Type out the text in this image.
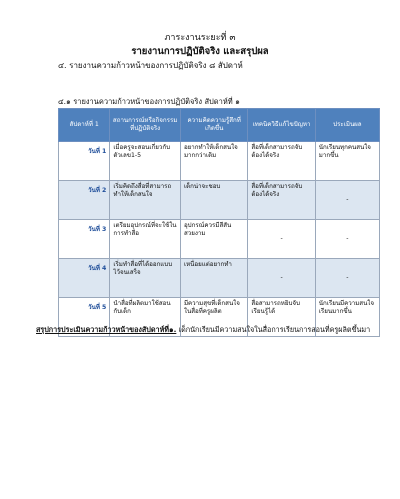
ภาระงานระยะที่ ๓
รายงานการปฏิบัติจริง และสรุปผล
๔. รายงานความก้าวหน้าของการปฏิบัติจริง ๘ สัปดาห์
๔.๑ รายงานความก้าวหน้าของการปฏิบัติจริง สัปดาห์ที่ ๑
สัปดาห์ที่ 1	สถานการณ์หรือกิจกรรมที่ปฏิบัติจริง	ความคิดความรู้สึกที่เกิดขึ้น	เทคนิควิธีแก้ไขปัญหา	ประเมินผล
วันที่ 1	เมื่อครูจะสอนเกี่ยวกับตัวเลข1-5	อยากทำให้เด็กสนใจมากกว่าเดิม	สื่อที่เด็กสามารถจับต้องได้จริง	นักเรียนทุกคนสนใจมากขึ้น
วันที่ 2	เริ่มคิดถึงสื่อที่สามารถทำให้เด็กสนใจ	เด็กน่าจะชอบ	สื่อที่เด็กสามารถจับต้องได้จริง	-
วันที่ 3	เตรียมอุปกรณ์ที่จะใช้ในการทำสื่อ	อุปกรณ์ควรมีสีสันสวยงาม	-	-
วันที่ 4	เริ่มทำสื่อที่ได้ออกแบบไว้จนเสร็จ	เหนื่อยแต่อยากทำ	-	-
วันที่ 5	นำสื่อที่ผลิตมาใช้สอนกับเด็ก	มีความสุขที่เด็กสนใจในสื่อที่ครูผลิต	สื่อสามารถหยิบจับเรียนรู้ได้	นักเรียนมีความสนใจเรียนมากขึ้น
สรุปการประเมินความก้าวหน้าของสัปดาห์ที่๑. เด็กนักเรียนมีความสนใจในสื่อการเรียนการสอนที่ครูผลิตขึ้นมา
